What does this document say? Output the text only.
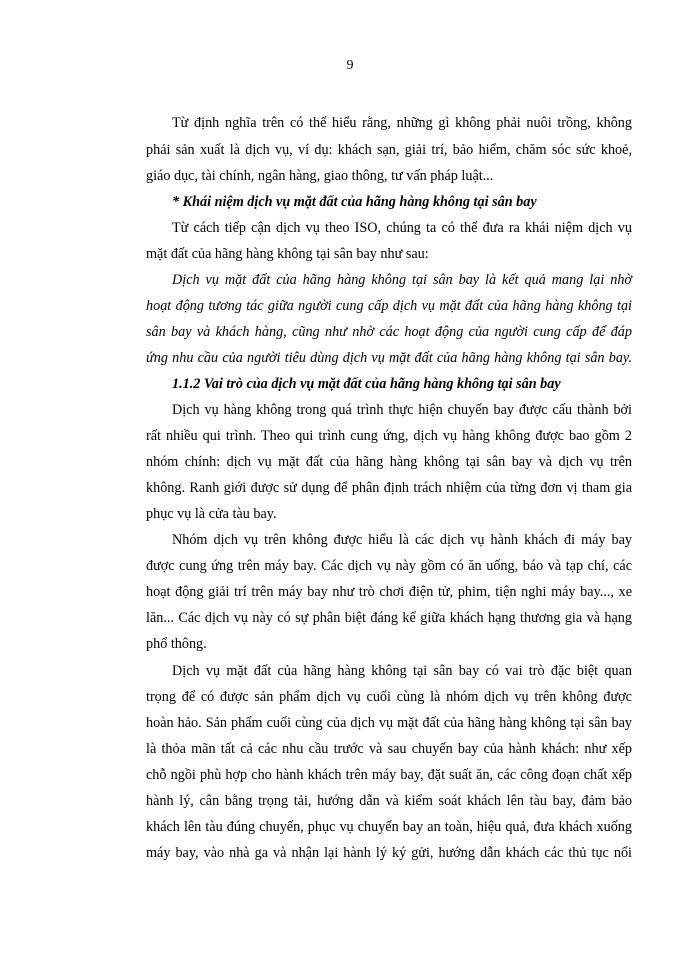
9
Từ định nghĩa trên có thể hiểu rằng, những gì không phải nuôi trồng, không
phải sản xuất là dịch vụ, ví dụ: khách sạn, giải trí, bảo hiểm, chăm sóc sức khoẻ,
giáo dục, tài chính, ngân hàng, giao thông, tư vấn pháp luật...
* Khái niệm dịch vụ mặt đất của hãng hàng không tại sân bay
Từ cách tiếp cận dịch vụ theo ISO, chúng ta có thể đưa ra khái niệm dịch vụ
mặt đất của hãng hàng không tại sân bay như sau:
Dịch vụ mặt đất của hãng hàng không tại sân bay là kết quả mang lại nhờ
hoạt động tương tác giữa người cung cấp dịch vụ mặt đất của hãng hàng không tại
sân bay và khách hàng, cũng như nhờ các hoạt động của người cung cấp để đáp
ứng nhu cầu của người tiêu dùng dịch vụ mặt đất của hãng hàng không tại sân bay.
1.1.2 Vai trò của dịch vụ mặt đất của hãng hàng không tại sân bay
Dịch vụ hàng không trong quá trình thực hiện chuyến bay được cấu thành bởi
rất nhiều qui trình. Theo qui trình cung ứng, dịch vụ hàng không được bao gồm 2
nhóm chính: dịch vụ mặt đất của hãng hàng không tại sân bay và dịch vụ trên
không. Ranh giới được sử dụng để phân định trách nhiệm của từng đơn vị tham gia
phục vụ là cửa tàu bay.
Nhóm dịch vụ trên không được hiểu là các dịch vụ hành khách đi máy bay
được cung ứng trên máy bay. Các dịch vụ này gồm có ăn uống, báo và tạp chí, các
hoạt động giải trí trên máy bay như trò chơi điện tử, phim, tiện nghi máy bay..., xe
lăn... Các dịch vụ này có sự phân biệt đáng kể giữa khách hạng thương gia và hạng
phổ thông.
Dịch vụ mặt đất của hãng hàng không tại sân bay có vai trò đặc biệt quan
trọng để có được sản phẩm dịch vụ cuối cùng là nhóm dịch vụ trên không được
hoàn hảo. Sản phẩm cuối cùng của dịch vụ mặt đất của hãng hàng không tại sân bay
là thỏa mãn tất cả các nhu cầu trước và sau chuyến bay của hành khách: như xếp
chỗ ngồi phù hợp cho hành khách trên máy bay, đặt suất ăn, các công đoạn chất xếp
hành lý, cân bằng trọng tải, hướng dẫn và kiểm soát khách lên tàu bay, đảm bảo
khách lên tàu đúng chuyến, phục vụ chuyến bay an toàn, hiệu quả, đưa khách xuống
máy bay, vào nhà ga và nhận lại hành lý ký gửi, hướng dẫn khách các thủ tục nối
